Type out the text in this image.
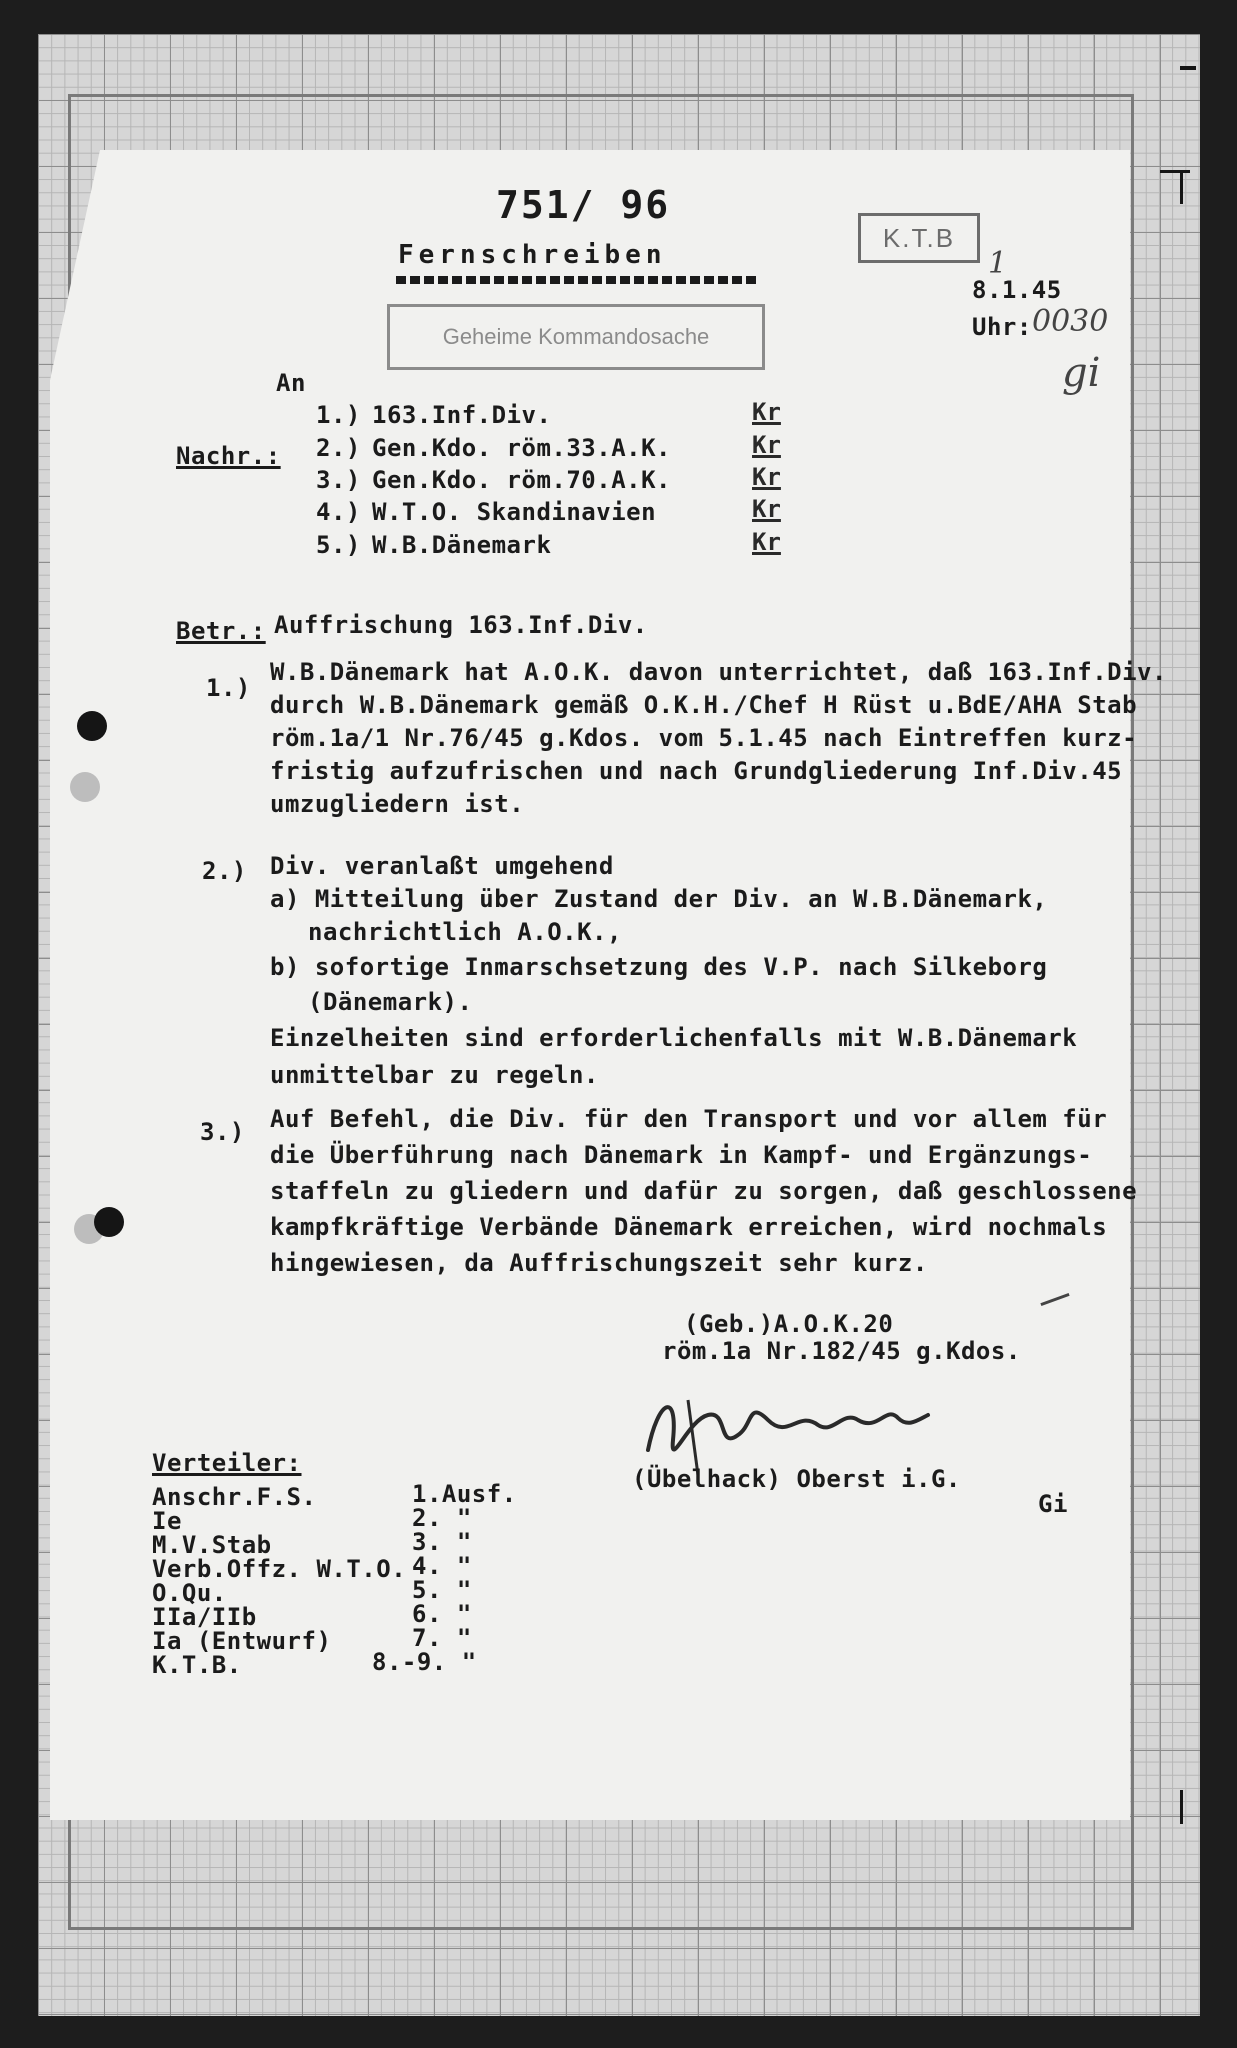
751/ 96
Fernschreiben
K.T.B
Geheime Kommandosache
1
8.1.45
Uhr: 0030
gi
An
Nachr.:
1.) 163.Inf.Div.	Kr
2.) Gen.Kdo. röm.33.A.K.	Kr
3.) Gen.Kdo. röm.70.A.K.	Kr
4.) W.T.O. Skandinavien	Kr
5.) W.B.Dänemark	Kr
Betr.: Auffrischung 163.Inf.Div.
1.)
W.B.Dänemark hat A.O.K. davon unterrichtet, daß 163.Inf.Div.
durch W.B.Dänemark gemäß O.K.H./Chef H Rüst u.BdE/AHA Stab
röm.1a/1 Nr.76/45 g.Kdos. vom 5.1.45 nach Eintreffen kurz-
fristig aufzufrischen und nach Grundgliederung Inf.Div.45
umzugliedern ist.
2.) Div. veranlaßt umgehend
a) Mitteilung über Zustand der Div. an W.B.Dänemark,
nachrichtlich A.O.K.,
b) sofortige Inmarschsetzung des V.P. nach Silkeborg
(Dänemark).
Einzelheiten sind erforderlichenfalls mit W.B.Dänemark
unmittelbar zu regeln.
3.) Auf Befehl, die Div. für den Transport und vor allem für
die Überführung nach Dänemark in Kampf- und Ergänzungs-
staffeln zu gliedern und dafür zu sorgen, daß geschlossene
kampfkräftige Verbände Dänemark erreichen, wird nochmals
hingewiesen, da Auffrischungszeit sehr kurz.
(Geb.)A.O.K.20
röm.1a Nr.182/45 g.Kdos.
(Übelhack) Oberst i.G.
Gi
Verteiler:
Anschr.F.S.	1.Ausf.
Ie	2. "
M.V.Stab	3. "
Verb.Offz. W.T.O. 4. "
O.Qu.	5. "
IIa/IIb	6. "
Ia (Entwurf)	7. "
K.T.B.	8.-9. "
